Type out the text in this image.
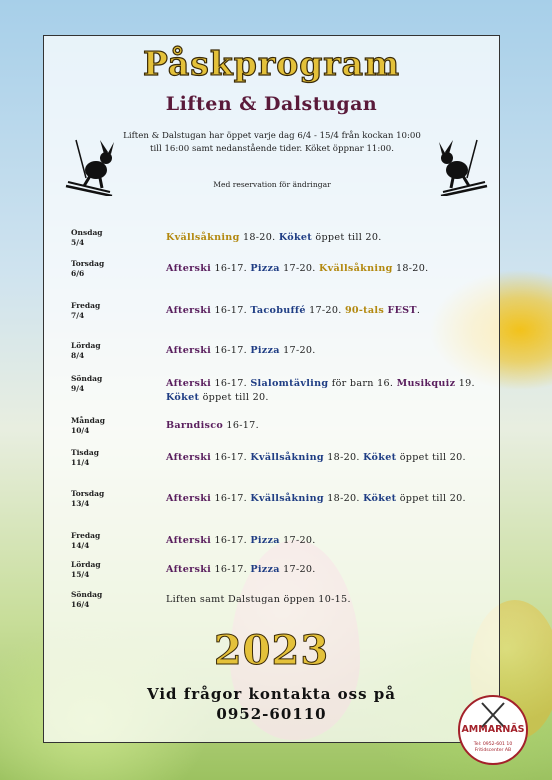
Påskprogram
Liften & Dalstugan
Liften & Dalstugan har öppet varje dag 6/4 - 15/4 från kockan 10:00 till 16:00 samt nedanstående tider. Köket öppnar 11:00.
Med reservation för ändringar
Onsdag
5/4	Kvällsåkning 18-20. Köket öppet till 20.
Torsdag
6/6	Afterski 16-17. Pizza 17-20. Kvällsåkning 18-20.
Fredag
7/4	Afterski 16-17. Tacobuffé 17-20. 90-tals FEST.
Lördag
8/4	Afterski 16-17. Pizza 17-20.
Söndag
9/4	Afterski 16-17. Slalomtävling för barn 16. Musikquiz 19. Köket öppet till 20.
Måndag
10/4	Barndisco 16-17.
Tisdag
11/4	Afterski 16-17. Kvällsåkning 18-20. Köket öppet till 20.
Torsdag
13/4	Afterski 16-17. Kvällsåkning 18-20. Köket öppet till 20.
Fredag
14/4	Afterski 16-17. Pizza 17-20.
Lördag
15/4	Afterski 16-17. Pizza 17-20.
Söndag
16/4	Liften samt Dalstugan öppen 10-15.
2023
Vid frågor kontakta oss på
0952-60110
AMMARNÄS
Tel: 0952-601 10
Fritidscenter AB
